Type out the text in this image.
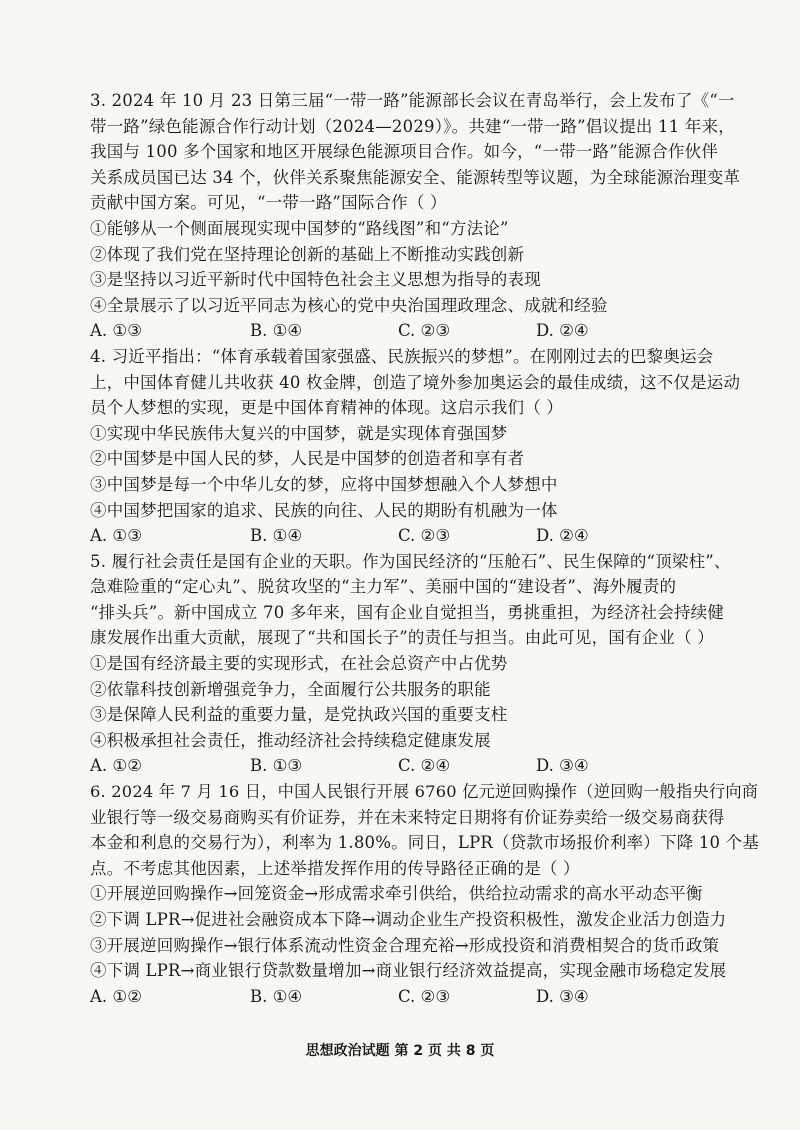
3. 2024 年 10 月 23 日第三届“一带一路”能源部长会议在青岛举行，会上发布了《“一
带一路”绿色能源合作行动计划（2024—2029）》。共建“一带一路”倡议提出 11 年来，
我国与 100 多个国家和地区开展绿色能源项目合作。如今，“一带一路”能源合作伙伴
关系成员国已达 34 个，伙伴关系聚焦能源安全、能源转型等议题，为全球能源治理变革
贡献中国方案。可见，“一带一路”国际合作（ ）
①能够从一个侧面展现实现中国梦的“路线图”和“方法论”
②体现了我们党在坚持理论创新的基础上不断推动实践创新
③是坚持以习近平新时代中国特色社会主义思想为指导的表现
④全景展示了以习近平同志为核心的党中央治国理政理念、成就和经验
A. ①③	B. ①④	C. ②③	D. ②④
4. 习近平指出：“体育承载着国家强盛、民族振兴的梦想”。在刚刚过去的巴黎奥运会
上，中国体育健儿共收获 40 枚金牌，创造了境外参加奥运会的最佳成绩，这不仅是运动
员个人梦想的实现，更是中国体育精神的体现。这启示我们（ ）
①实现中华民族伟大复兴的中国梦，就是实现体育强国梦
②中国梦是中国人民的梦，人民是中国梦的创造者和享有者
③中国梦是每一个中华儿女的梦，应将中国梦想融入个人梦想中
④中国梦把国家的追求、民族的向往、人民的期盼有机融为一体
A. ①③	B. ①④	C. ②③	D. ②④
5. 履行社会责任是国有企业的天职。作为国民经济的“压舱石”、民生保障的“顶梁柱”、
急难险重的“定心丸”、脱贫攻坚的“主力军”、美丽中国的“建设者”、海外履责的
“排头兵”。新中国成立 70 多年来，国有企业自觉担当，勇挑重担，为经济社会持续健
康发展作出重大贡献，展现了“共和国长子”的责任与担当。由此可见，国有企业（ ）
①是国有经济最主要的实现形式，在社会总资产中占优势
②依靠科技创新增强竞争力，全面履行公共服务的职能
③是保障人民利益的重要力量，是党执政兴国的重要支柱
④积极承担社会责任，推动经济社会持续稳定健康发展
A. ①②	B. ①③	C. ②④	D. ③④
6. 2024 年 7 月 16 日，中国人民银行开展 6760 亿元逆回购操作（逆回购一般指央行向商
业银行等一级交易商购买有价证券，并在未来特定日期将有价证券卖给一级交易商获得
本金和利息的交易行为），利率为 1.80%。同日，LPR（贷款市场报价利率）下降 10 个基
点。不考虑其他因素，上述举措发挥作用的传导路径正确的是（ ）
①开展逆回购操作→回笼资金→形成需求牵引供给，供给拉动需求的高水平动态平衡
②下调 LPR→促进社会融资成本下降→调动企业生产投资积极性，激发企业活力创造力
③开展逆回购操作→银行体系流动性资金合理充裕→形成投资和消费相契合的货币政策
④下调 LPR→商业银行贷款数量增加→商业银行经济效益提高，实现金融市场稳定发展
A. ①②	B. ①④	C. ②③	D. ③④
思想政治试题 第 2 页 共 8 页
